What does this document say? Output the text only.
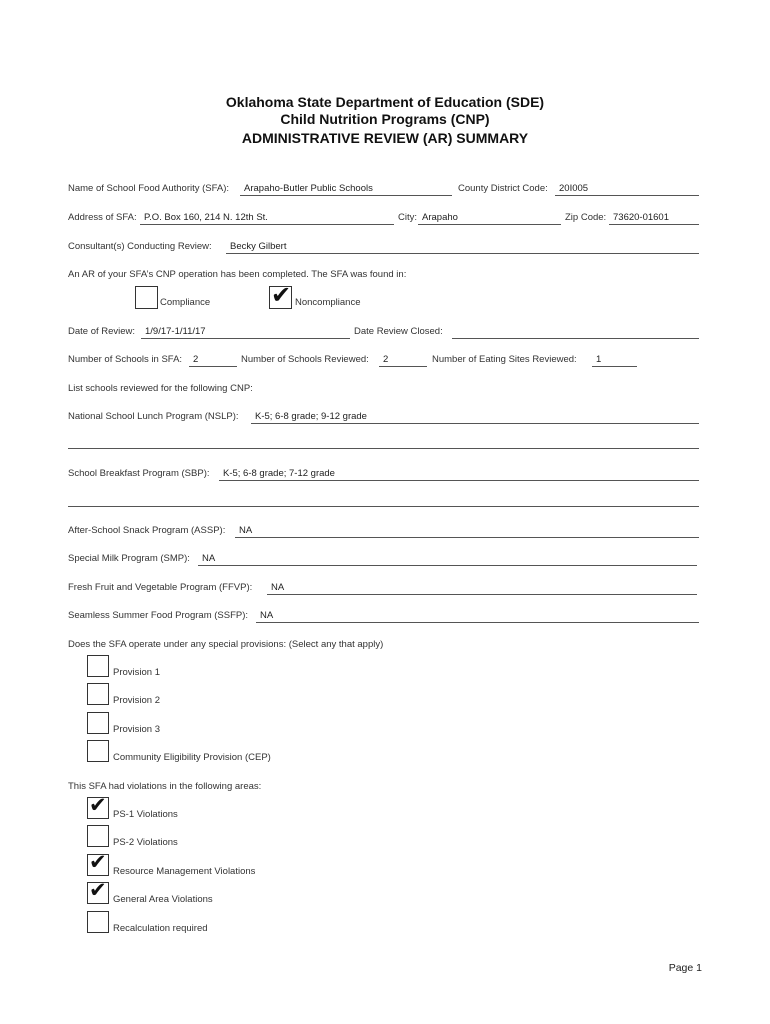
Oklahoma State Department of Education (SDE)
Child Nutrition Programs (CNP)
ADMINISTRATIVE REVIEW (AR) SUMMARY
Name of School Food Authority (SFA): Arapaho-Butler Public Schools	County District Code: 20I005
Address of SFA: P.O. Box 160, 214 N. 12th St.	City: Arapaho	Zip Code: 73620-01601
Consultant(s) Conducting Review: Becky Gilbert
An AR of your SFA’s CNP operation has been completed. The SFA was found in:
Compliance	✔ Noncompliance
Date of Review: 1/9/17-1/11/17	Date Review Closed:
Number of Schools in SFA: 2	Number of Schools Reviewed: 2	Number of Eating Sites Reviewed: 1
List schools reviewed for the following CNP:
National School Lunch Program (NSLP): K-5; 6-8 grade; 9-12 grade
School Breakfast Program (SBP): K-5; 6-8 grade; 7-12 grade
After-School Snack Program (ASSP): NA
Special Milk Program (SMP): NA
Fresh Fruit and Vegetable Program (FFVP): NA
Seamless Summer Food Program (SSFP): NA
Does the SFA operate under any special provisions: (Select any that apply)
Provision 1
Provision 2
Provision 3
Community Eligibility Provision (CEP)
This SFA had violations in the following areas:
✔ PS-1 Violations
PS-2 Violations
✔ Resource Management Violations
✔ General Area Violations
Recalculation required
Page 1
